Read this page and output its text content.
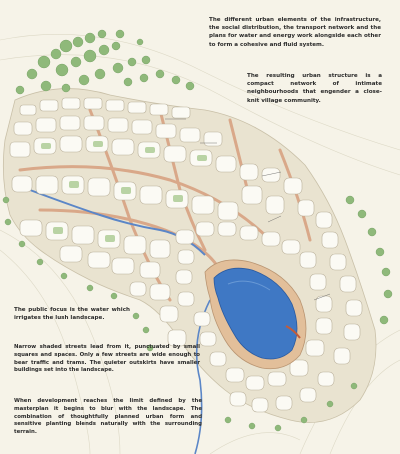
The different urban elements of the infrastructure, the social distribution, the transport network and the plans for water and energy work alongside each other to form a cohesive and fluid system.
The resulting urban structure is a compact network of intimate neighbourhoods that engender a close-knit village community.
The public focus is the water which irrigates the lush landscape.
Narrow shaded streets lead from it, punctuated by small squares and spaces. Only a few streets are wide enough to bear traffic and trams. The quieter outskirts have smaller buildings set into the landscape.
When development reaches the limit defined by the masterplan it begins to blur with the landscape. The combination of thoughtfully planned urban form and sensitive planting blends naturally with the surrounding terrain.
